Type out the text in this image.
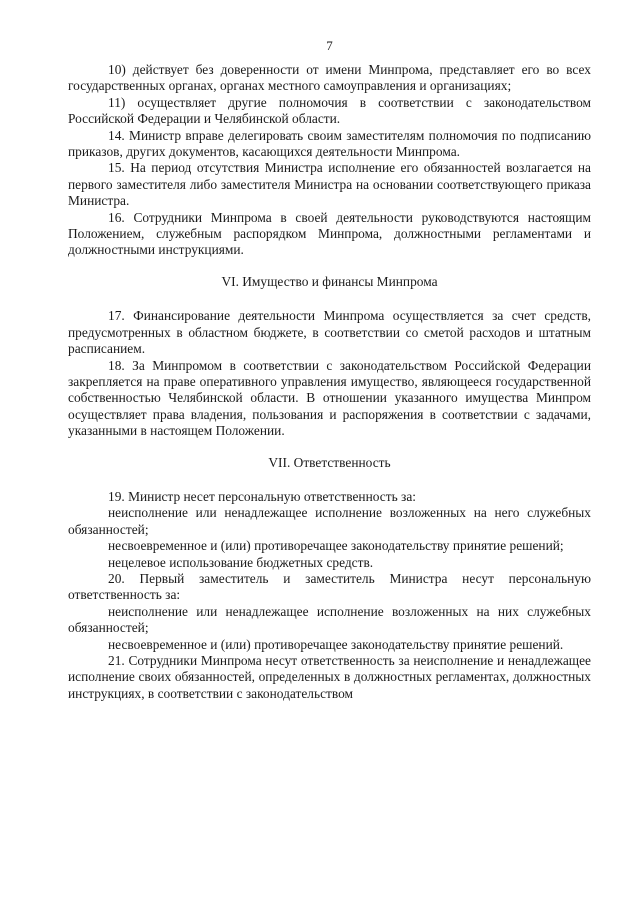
7

10) действует без доверенности от имени Минпрома, представляет его во всех государственных органах, органах местного самоуправления и организациях;

11) осуществляет другие полномочия в соответствии с законодательством Российской Федерации и Челябинской области.

14. Министр вправе делегировать своим заместителям полномочия по подписанию приказов, других документов, касающихся деятельности Минпрома.

15. На период отсутствия Министра исполнение его обязанностей возлагается на первого заместителя либо заместителя Министра на основании соответствующего приказа Министра.

16. Сотрудники Минпрома в своей деятельности руководствуются настоящим Положением, служебным распорядком Минпрома, должностными регламентами и должностными инструкциями.

VI. Имущество и финансы Минпрома

17. Финансирование деятельности Минпрома осуществляется за счет средств, предусмотренных в областном бюджете, в соответствии со сметой расходов и штатным расписанием.

18. За Минпромом в соответствии с законодательством Российской Федерации закрепляется на праве оперативного управления имущество, являющееся государственной собственностью Челябинской области. В отношении указанного имущества Минпром осуществляет права владения, пользования и распоряжения в соответствии с задачами, указанными в настоящем Положении.

VII. Ответственность

19. Министр несет персональную ответственность за:

неисполнение или ненадлежащее исполнение возложенных на него служебных обязанностей;

несвоевременное и (или) противоречащее законодательству принятие решений;

нецелевое использование бюджетных средств.

20. Первый заместитель и заместитель Министра несут персональную ответственность за:

неисполнение или ненадлежащее исполнение возложенных на них служебных обязанностей;

несвоевременное и (или) противоречащее законодательству принятие решений.

21. Сотрудники Минпрома несут ответственность за неисполнение и ненадлежащее исполнение своих обязанностей, определенных в должностных регламентах, должностных инструкциях, в соответствии с законодательством
